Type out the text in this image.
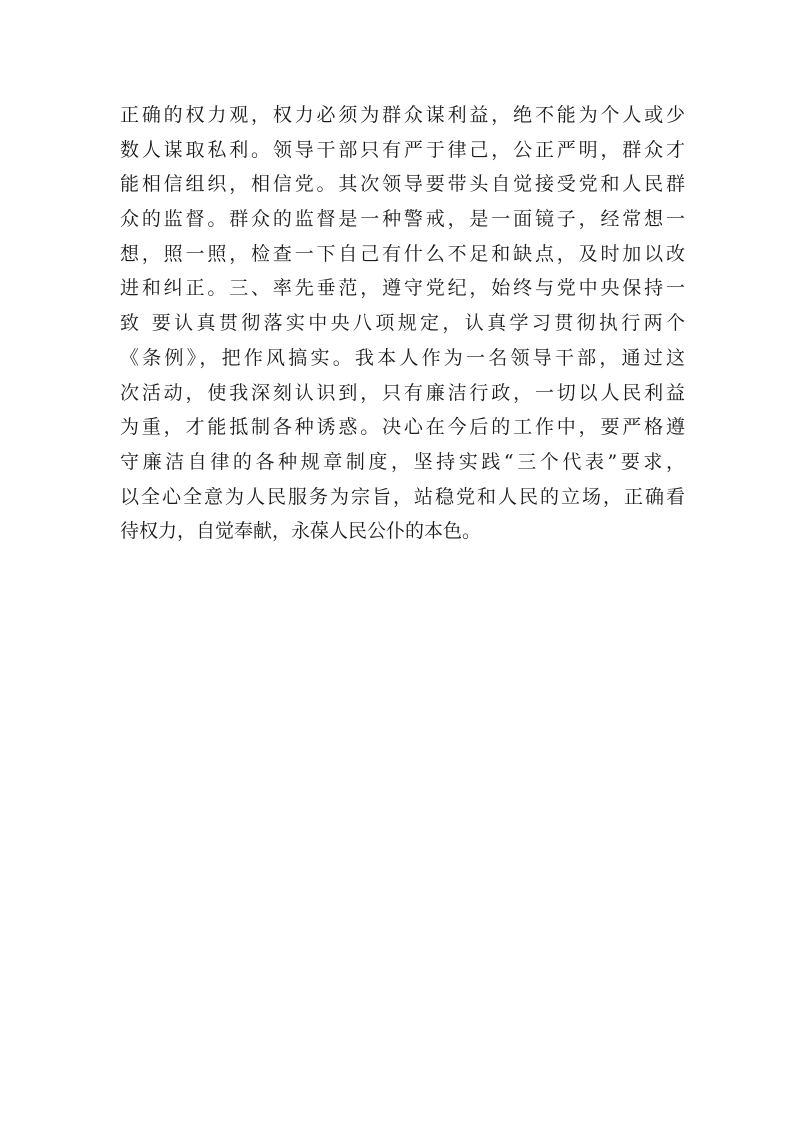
正确的权力观，权力必须为群众谋利益，绝不能为个人或少
数人谋取私利。领导干部只有严于律己，公正严明，群众才
能相信组织，相信党。其次领导要带头自觉接受党和人民群
众的监督。群众的监督是一种警戒，是一面镜子，经常想一
想，照一照，检查一下自己有什么不足和缺点，及时加以改
进和纠正。三、率先垂范，遵守党纪，始终与党中央保持一
致 要认真贯彻落实中央八项规定，认真学习贯彻执行两个
《条例》，把作风搞实。我本人作为一名领导干部，通过这
次活动，使我深刻认识到，只有廉洁行政，一切以人民利益
为重，才能抵制各种诱惑。决心在今后的工作中，要严格遵
守廉洁自律的各种规章制度，坚持实践“三个代表”要求，
以全心全意为人民服务为宗旨，站稳党和人民的立场，正确看
待权力，自觉奉献，永葆人民公仆的本色。
